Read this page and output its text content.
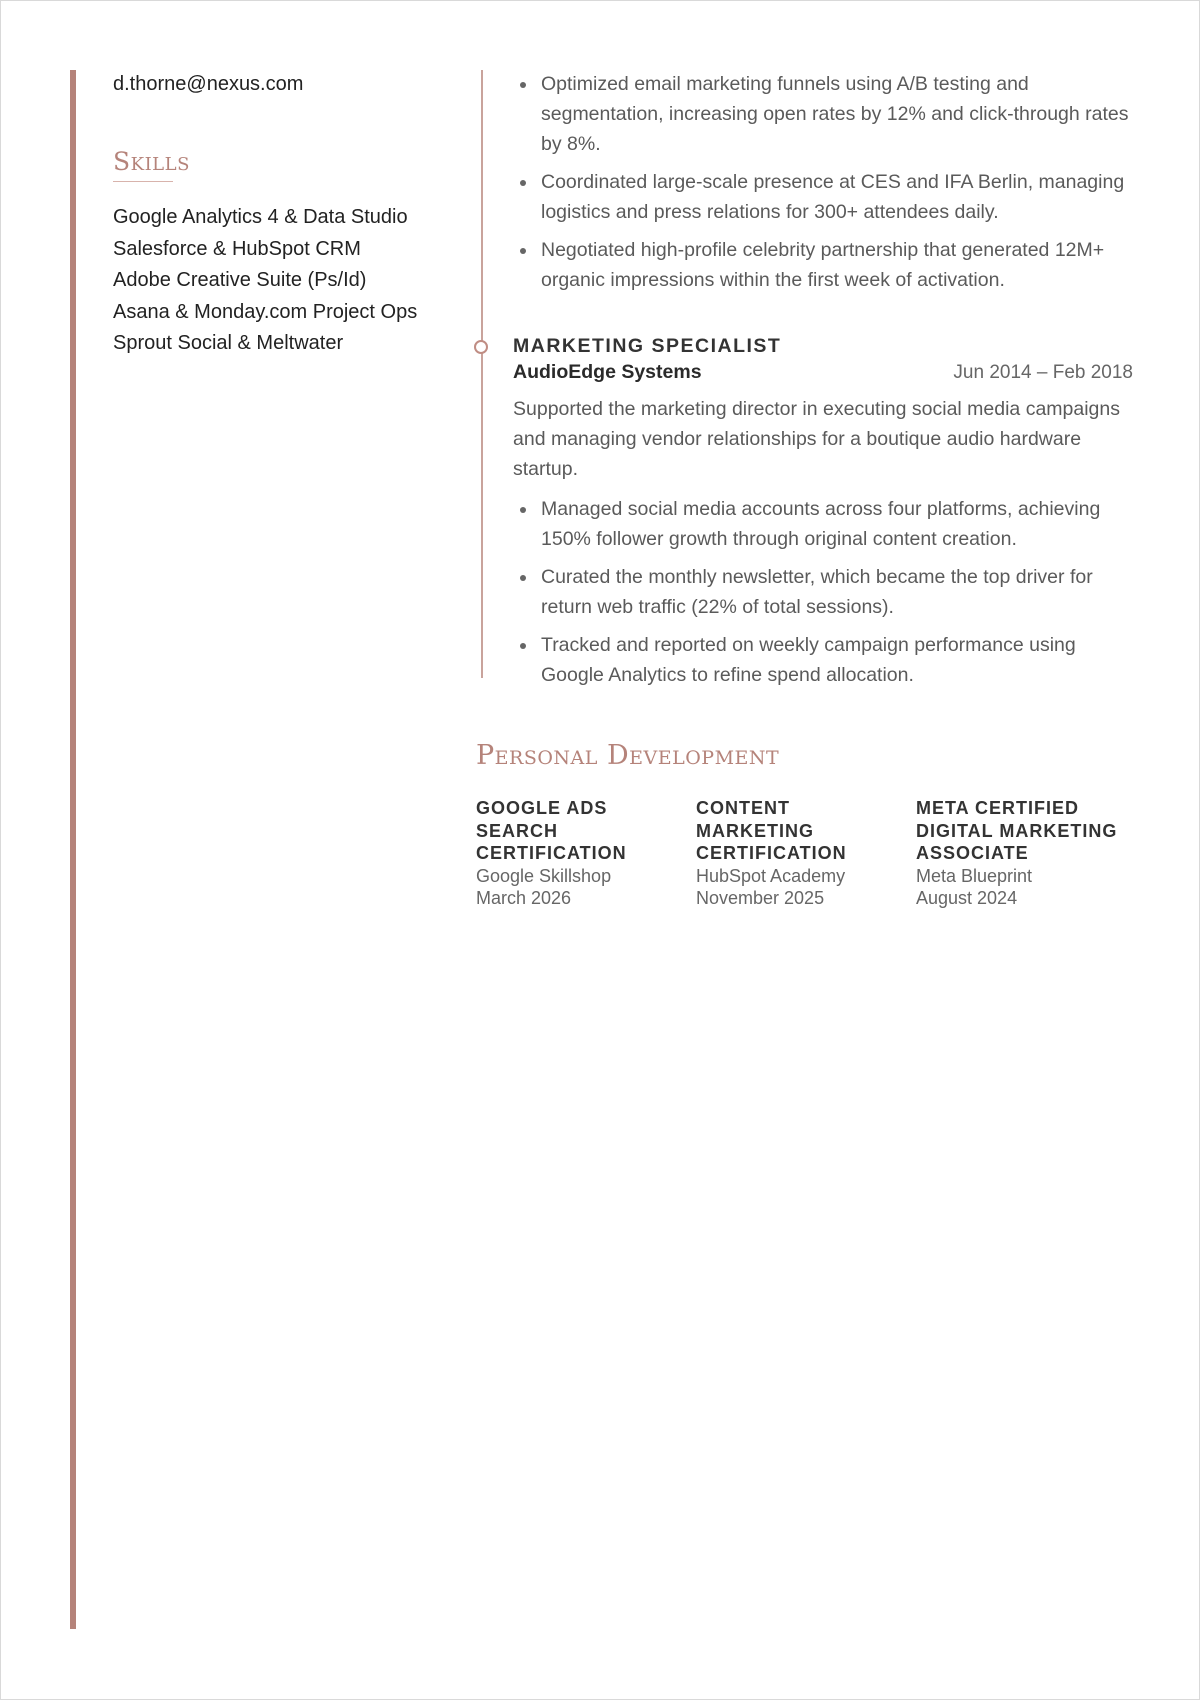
d.thorne@nexus.com
Skills
Google Analytics 4 & Data Studio
Salesforce & HubSpot CRM
Adobe Creative Suite (Ps/Id)
Asana & Monday.com Project Ops
Sprout Social & Meltwater
Optimized email marketing funnels using A/B testing and segmentation, increasing open rates by 12% and click-through rates by 8%.
Coordinated large-scale presence at CES and IFA Berlin, managing logistics and press relations for 300+ attendees daily.
Negotiated high-profile celebrity partnership that generated 12M+ organic impressions within the first week of activation.
MARKETING SPECIALIST
AudioEdge Systems	Jun 2014 – Feb 2018
Supported the marketing director in executing social media campaigns and managing vendor relationships for a boutique audio hardware startup.
Managed social media accounts across four platforms, achieving 150% follower growth through original content creation.
Curated the monthly newsletter, which became the top driver for return web traffic (22% of total sessions).
Tracked and reported on weekly campaign performance using Google Analytics to refine spend allocation.
Personal Development
GOOGLE ADS SEARCH CERTIFICATION
Google Skillshop
March 2026
CONTENT MARKETING CERTIFICATION
HubSpot Academy
November 2025
META CERTIFIED DIGITAL MARKETING ASSOCIATE
Meta Blueprint
August 2024
